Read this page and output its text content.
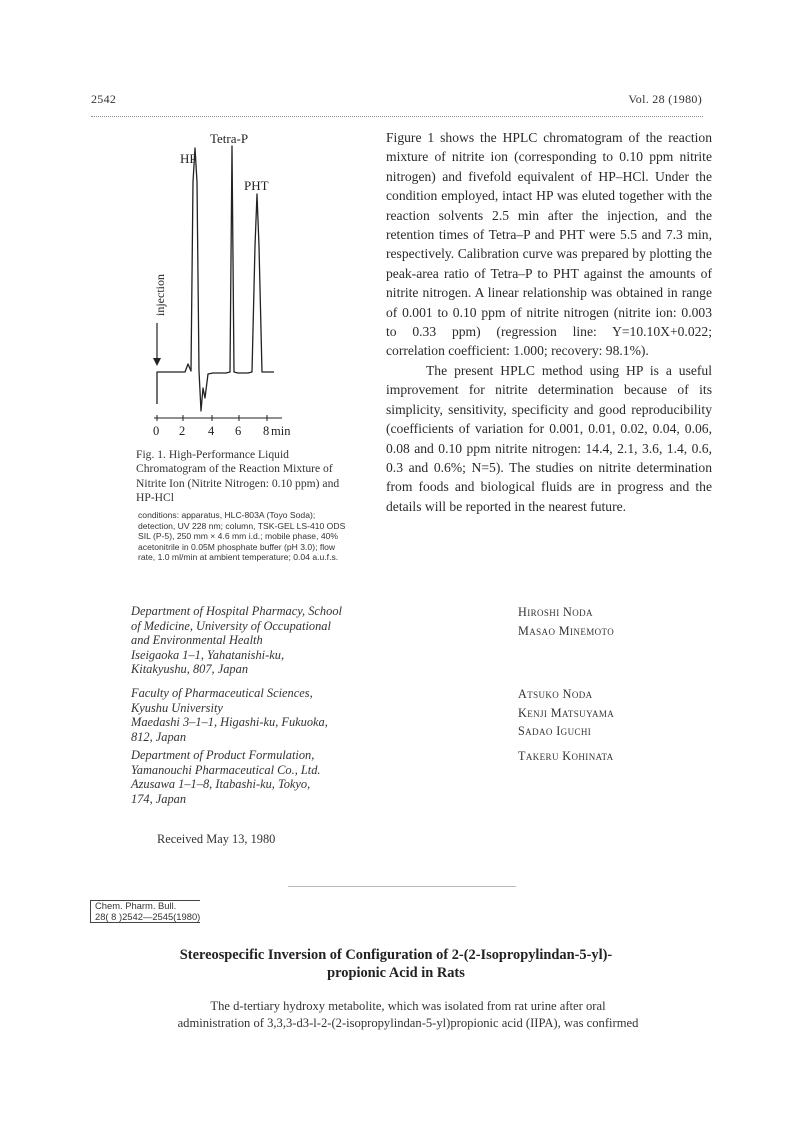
2542	Vol. 28 (1980)
Tetra-P
HP
PHT
injection
0 2 4 6 8 min
Fig. 1. High-Performance Liquid Chromatogram of the Reaction Mixture of Nitrite Ion (Nitrite Nitrogen: 0.10 ppm) and HP-HCl
conditions: apparatus, HLC-803A (Toyo Soda); detection, UV 228 nm; column, TSK-GEL LS-410 ODS SIL (P-5), 250 mm × 4.6 mm i.d.; mobile phase, 40% acetonitrile in 0.05M phosphate buffer (pH 3.0); flow rate, 1.0 ml/min at ambient temperature; 0.04 a.u.f.s.

Figure 1 shows the HPLC chromatogram of the reaction mixture of nitrite ion (corresponding to 0.10 ppm nitrite nitrogen) and fivefold equivalent of HP–HCl. Under the condition employed, intact HP was eluted together with the reaction solvents 2.5 min after the injection, and the retention times of Tetra–P and PHT were 5.5 and 7.3 min, respectively. Calibration curve was prepared by plotting the peak-area ratio of Tetra–P to PHT against the amounts of nitrite nitrogen. A linear relationship was obtained in range of 0.001 to 0.10 ppm of nitrite nitrogen (nitrite ion: 0.003 to 0.33 ppm) (regression line: Y=10.10X+0.022; correlation coefficient: 1.000; recovery: 98.1%).

The present HPLC method using HP is a useful improvement for nitrite determination because of its simplicity, sensitivity, specificity and good reproducibility (coefficients of variation for 0.001, 0.01, 0.02, 0.04, 0.06, 0.08 and 0.10 ppm nitrite nitrogen: 14.4, 2.1, 3.6, 1.4, 0.6, 0.3 and 0.6%; N=5). The studies on nitrite determination from foods and biological fluids are in progress and the details will be reported in the nearest future.

Department of Hospital Pharmacy, School
of Medicine, University of Occupational
and Environmental Health
Iseigaoka 1–1, Yahatanishi-ku,
Kitakyushu, 807, Japan
Hiroshi Noda
Masao Minemoto
Faculty of Pharmaceutical Sciences,
Kyushu University
Maedashi 3–1–1, Higashi-ku, Fukuoka,
812, Japan
Atsuko Noda
Kenji Matsuyama
Sadao Iguchi
Department of Product Formulation,
Yamanouchi Pharmaceutical Co., Ltd.
Azusawa 1–1–8, Itabashi-ku, Tokyo,
174, Japan
Takeru Kohinata
Received May 13, 1980
Chem. Pharm. Bull.
28( 8 )2542—2545(1980)
Stereospecific Inversion of Configuration of 2-(2-Isopropylindan-5-yl)-
propionic Acid in Rats
The d-tertiary hydroxy metabolite, which was isolated from rat urine after oral
administration of 3,3,3-d3-l-2-(2-isopropylindan-5-yl)propionic acid (IIPA), was confirmed
